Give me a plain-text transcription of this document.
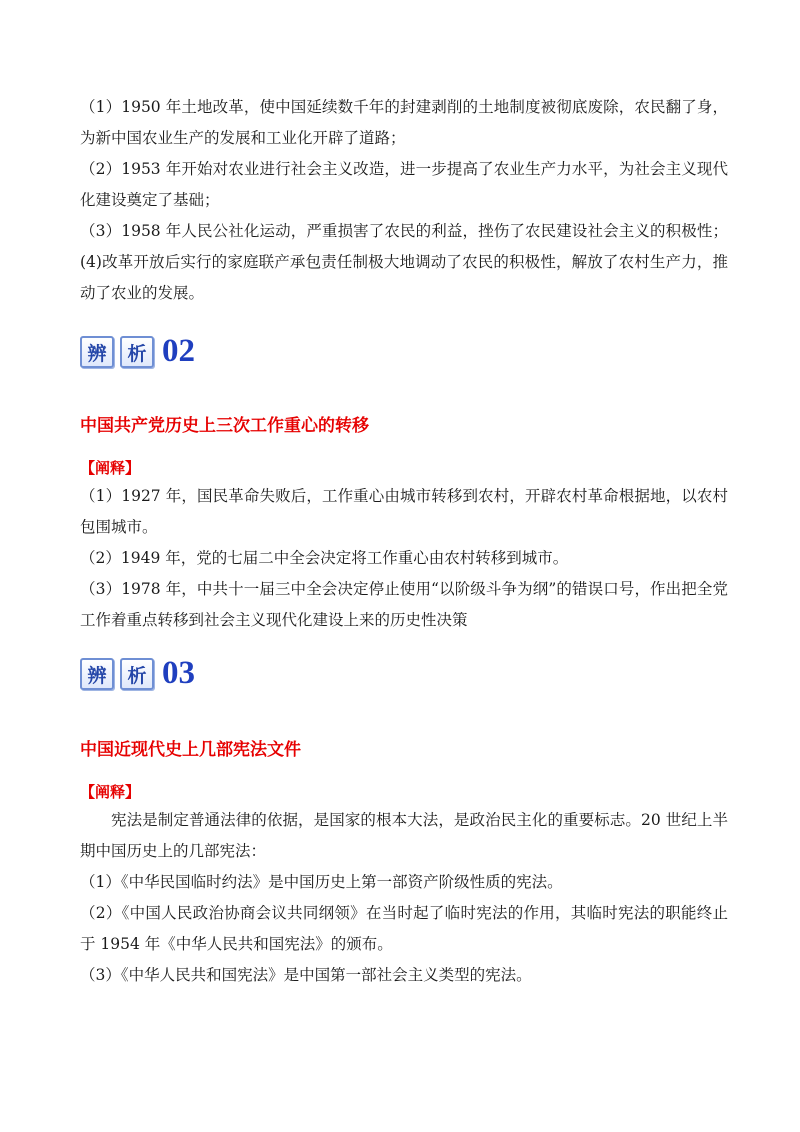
（1）1950 年土地改革，使中国延续数千年的封建剥削的土地制度被彻底废除，农民翻了身，为新中国农业生产的发展和工业化开辟了道路；
（2）1953 年开始对农业进行社会主义改造，进一步提高了农业生产力水平，为社会主义现代化建设奠定了基础；
（3）1958 年人民公社化运动，严重损害了农民的利益，挫伤了农民建设社会主义的积极性；(4)改革开放后实行的家庭联产承包责任制极大地调动了农民的积极性，解放了农村生产力，推动了农业的发展。
辨	析 02
中国共产党历史上三次工作重心的转移
【阐释】
（1）1927 年，国民革命失败后，工作重心由城市转移到农村，开辟农村革命根据地，以农村包围城市。
（2）1949 年，党的七届二中全会决定将工作重心由农村转移到城市。
（3）1978 年，中共十一届三中全会决定停止使用“以阶级斗争为纲”的错误口号，作出把全党工作着重点转移到社会主义现代化建设上来的历史性决策
辨	析 03
中国近现代史上几部宪法文件
【阐释】
宪法是制定普通法律的依据，是国家的根本大法，是政治民主化的重要标志。20 世纪上半期中国历史上的几部宪法：
（1）《中华民国临时约法》是中国历史上第一部资产阶级性质的宪法。
（2）《中国人民政治协商会议共同纲领》在当时起了临时宪法的作用，其临时宪法的职能终止于 1954 年《中华人民共和国宪法》的颁布。
（3）《中华人民共和国宪法》是中国第一部社会主义类型的宪法。
